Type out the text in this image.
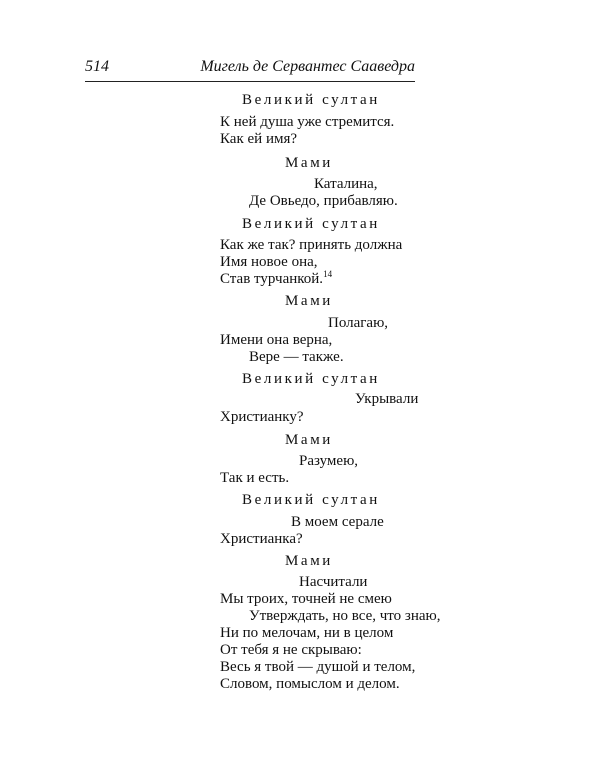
514	Мигель де Сервантес Сааведра
Великий султан
К ней душа уже стремится.
Как ей имя?
Мами
Каталина,
Де Овьедо, прибавляю.
Великий султан
Как же так? принять должна
Имя новое она,
Став турчанкой.$^{14}$
Мами
Полагаю,
Имени она верна,
Вере — также.
Великий султан
Укрывали
Христианку?
Мами
Разумею,
Так и есть.
Великий султан
В моем серале
Христианка?
Мами
Насчитали
Мы троих, точней не смею
Утверждать, но все, что знаю,
Ни по мелочам, ни в целом
От тебя я не скрываю:
Весь я твой — душой и телом,
Словом, помыслом и делом.
